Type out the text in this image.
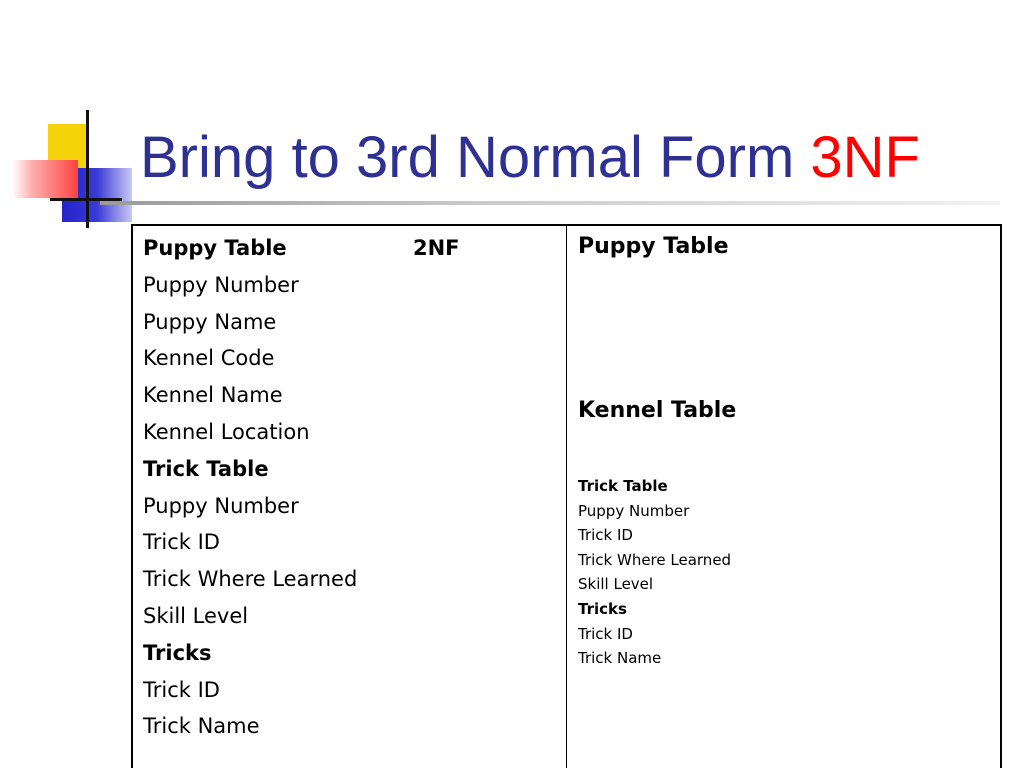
Bring to 3rd Normal Form 3NF
Puppy Table	2NF
Puppy Number
Puppy Name
Kennel Code
Kennel Name
Kennel Location
Trick Table
Puppy Number
Trick ID
Trick Where Learned
Skill Level
Tricks
Trick ID
Trick Name
Puppy Table
Kennel Table
Trick Table
Puppy Number
Trick ID
Trick Where Learned
Skill Level
Tricks
Trick ID
Trick Name
